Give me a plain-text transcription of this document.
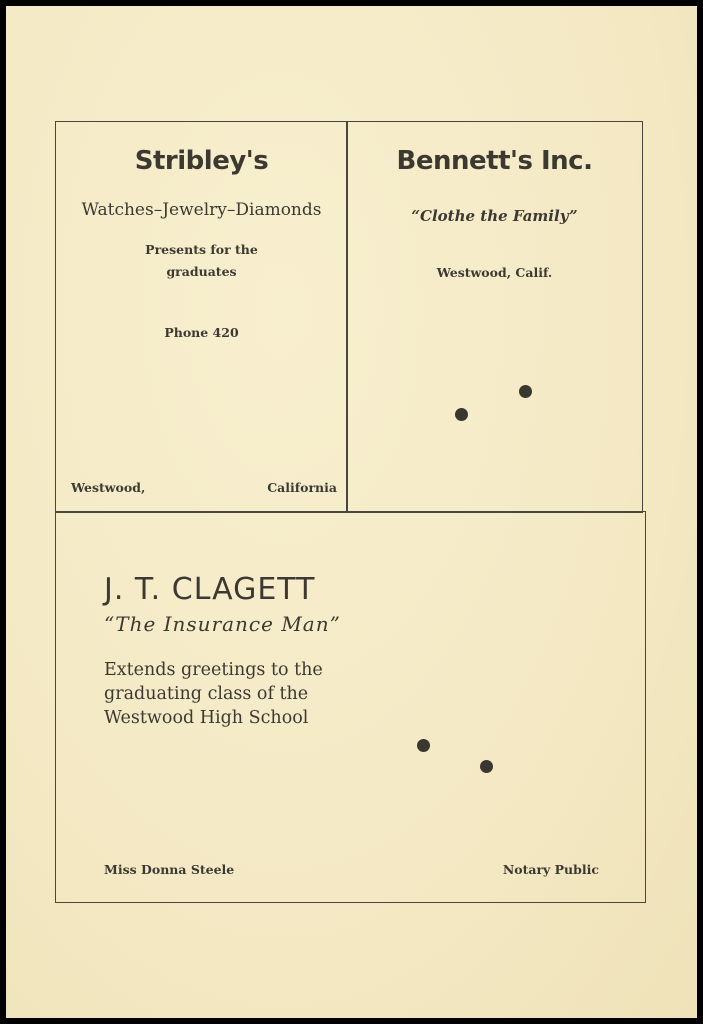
Stribley's
Watches–Jewelry–Diamonds
Presents for the
graduates
Phone 420
Westwood,	California
Bennett's Inc.
“Clothe the Family”
Westwood, Calif.
J. T. CLAGETT
“The Insurance Man”
Extends greetings to the
graduating class of the
Westwood High School
Miss Donna Steele	Notary Public
